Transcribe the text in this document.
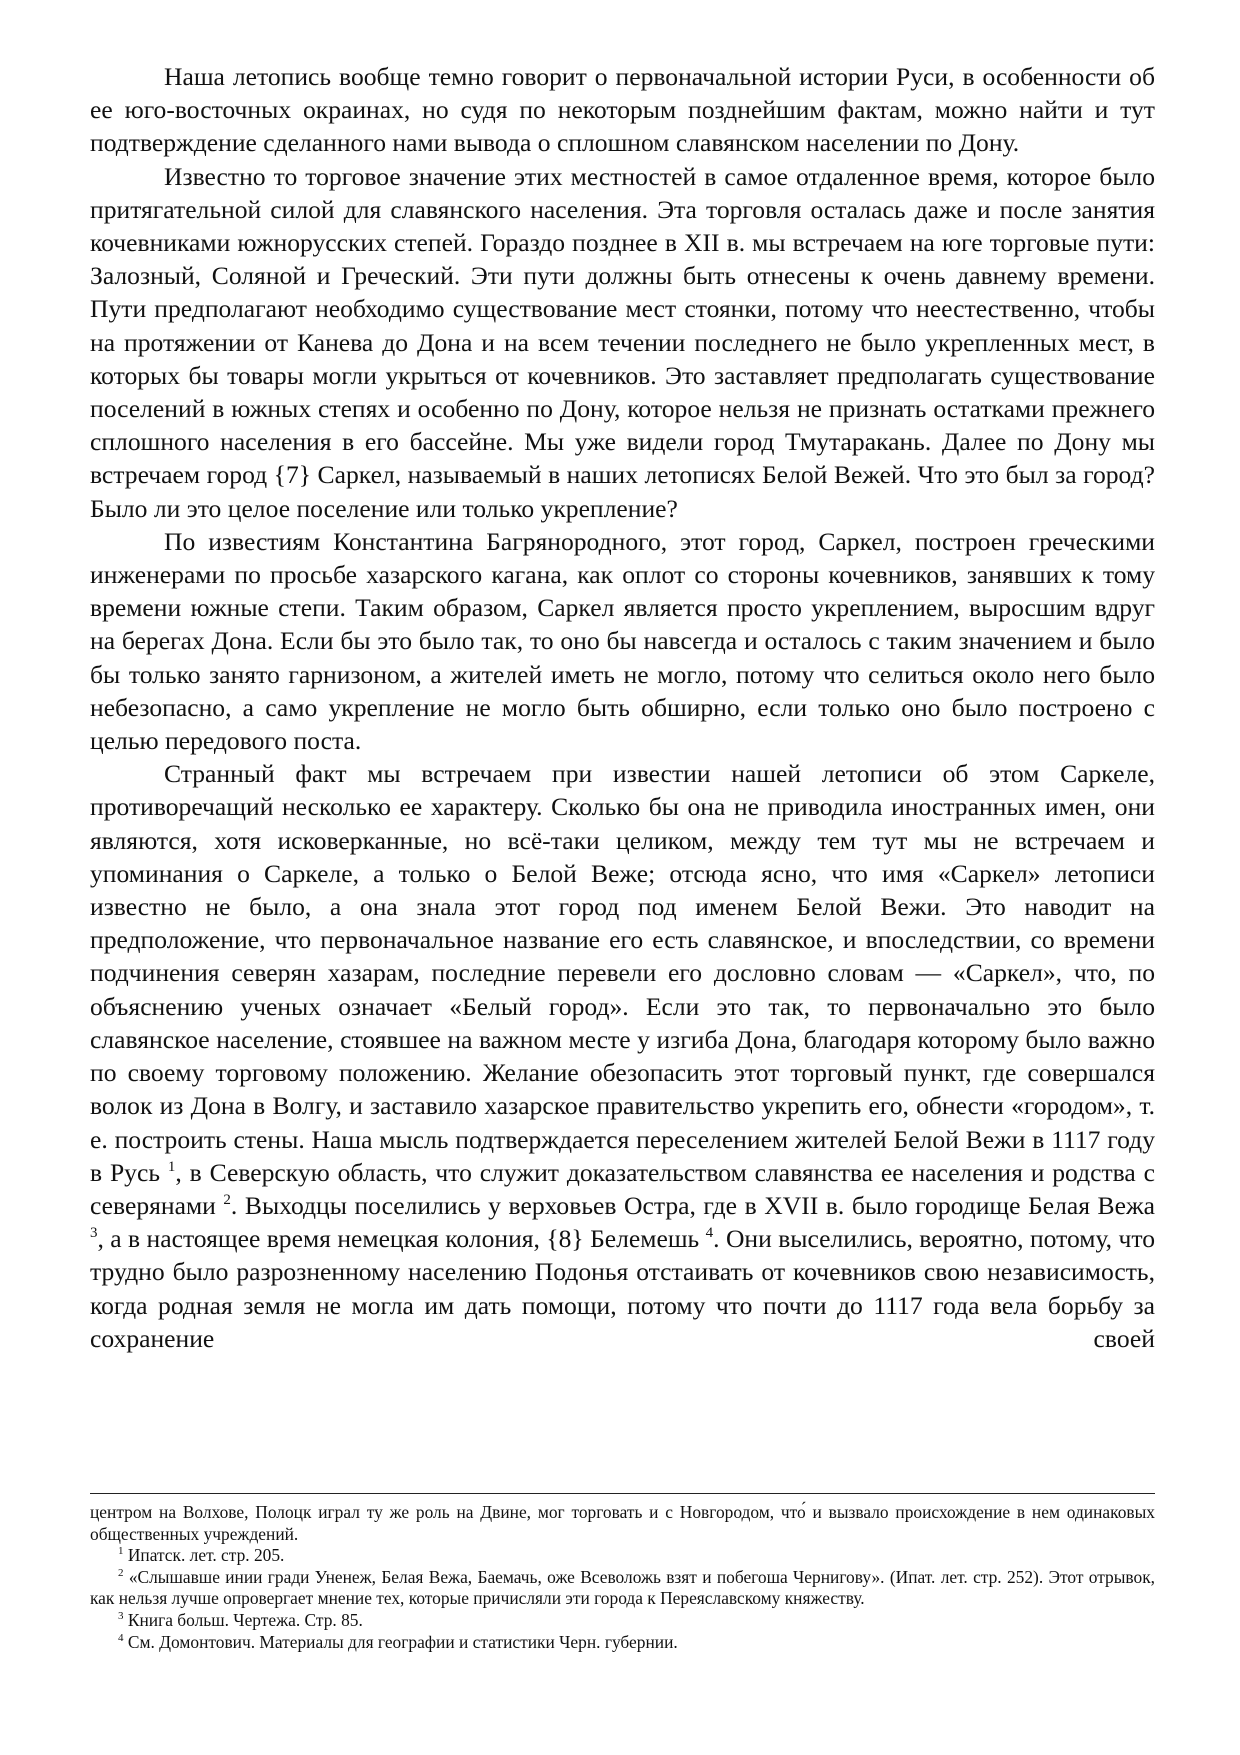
Наша летопись вообще темно говорит о первоначальной истории Руси, в особенности об ее юго-восточных окраинах, но судя по некоторым позднейшим фактам, можно найти и тут подтверждение сделанного нами вывода о сплошном славянском населении по Дону.

Известно то торговое значение этих местностей в самое отдаленное время, которое было притягательной силой для славянского населения. Эта торговля осталась даже и после занятия кочевниками южнорусских степей. Гораздо позднее в XII в. мы встречаем на юге торговые пути: Залозный, Соляной и Греческий. Эти пути должны быть отнесены к очень давнему времени. Пути предполагают необходимо существование мест стоянки, потому что неестественно, чтобы на протяжении от Канева до Дона и на всем течении последнего не было укрепленных мест, в которых бы товары могли укрыться от кочевников. Это заставляет предполагать существование поселений в южных степях и особенно по Дону, которое нельзя не признать остатками прежнего сплошного населения в его бассейне. Мы уже видели город Тмутаракань. Далее по Дону мы встречаем город {7} Саркел, называемый в наших летописях Белой Вежей. Что это был за город? Было ли это целое поселение или только укрепление?

По известиям Константина Багрянородного, этот город, Саркел, построен греческими инженерами по просьбе хазарского кагана, как оплот со стороны кочевников, занявших к тому времени южные степи. Таким образом, Саркел является просто укреплением, выросшим вдруг на берегах Дона. Если бы это было так, то оно бы навсегда и осталось с таким значением и было бы только занято гарнизоном, а жителей иметь не могло, потому что селиться около него было небезопасно, а само укрепление не могло быть обширно, если только оно было построено с целью передового поста.

Странный факт мы встречаем при известии нашей летописи об этом Саркеле, противоречащий несколько ее характеру. Сколько бы она не приводила иностранных имен, они являются, хотя исковерканные, но всё-таки целиком, между тем тут мы не встречаем и упоминания о Саркеле, а только о Белой Веже; отсюда ясно, что имя «Саркел» летописи известно не было, а она знала этот город под именем Белой Вежи. Это наводит на предположение, что первоначальное название его есть славянское, и впоследствии, со времени подчинения северян хазарам, последние перевели его дословно словам — «Саркел», что, по объяснению ученых означает «Белый город». Если это так, то первоначально это было славянское население, стоявшее на важном месте у изгиба Дона, благодаря которому было важно по своему торговому положению. Желание обезопасить этот торговый пункт, где совершался волок из Дона в Волгу, и заставило хазарское правительство укрепить его, обнести «городом», т. е. построить стены. Наша мысль подтверждается переселением жителей Белой Вежи в 1117 году в Русь $^1$, в Северскую область, что служит доказательством славянства ее населения и родства с северянами $^2$. Выходцы поселились у верховьев Остра, где в XVII в. было городище Белая Вежа $^3$, а в настоящее время немецкая колония, {8} Белемешь $^4$. Они выселились, вероятно, потому, что трудно было разрозненному населению Подонья отстаивать от кочевников свою независимость, когда родная земля не могла им дать помощи, потому что почти до 1117 года вела борьбу за сохранение своей

центром на Волхове, Полоцк играл ту же роль на Двине, мог торговать и с Новгородом, что́ и вызвало происхождение в нем одинаковых общественных учреждений.

$^1$ Ипатск. лет. стр. 205.

$^2$ «Слышавше инии гради Уненеж, Белая Вежа, Баемачь, оже Всеволожь взят и побегоша Чернигову». (Ипат. лет. стр. 252). Этот отрывок, как нельзя лучше опровергает мнение тех, которые причисляли эти города к Переяславскому княжеству.

$^3$ Книга больш. Чертежа. Стр. 85.

$^4$ См. Домонтович. Материалы для географии и статистики Черн. губернии.
